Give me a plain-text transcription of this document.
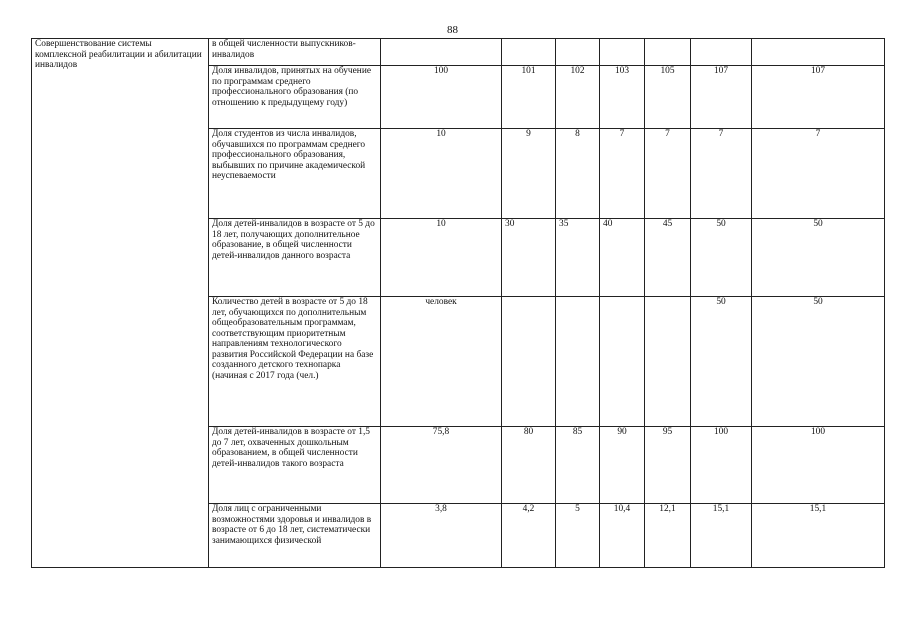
88
Совершенствование системы комплексной реабилитации и абилитации инвалидов	в общей численности выпускников-инвалидов							
	Доля инвалидов, принятых на обучение по программам среднего профессионального образования (по отношению к предыдущему году)	100	101	102	103	105	107	107
	Доля студентов из числа инвалидов, обучавшихся по программам среднего профессионального образования, выбывших по причине академической неуспеваемости	10	9	8	7	7	7	7
	Доля детей-инвалидов в возрасте от 5 до 18 лет, получающих дополнительное образование, в общей численности детей-инвалидов данного возраста	10	30	35	40	45	50	50
	Количество детей в возрасте от 5 до 18 лет, обучающихся по дополнительным общеобразовательным программам, соответствующим приоритетным направлениям технологического развития Российской Федерации на базе созданного детского технопарка (начиная с 2017 года (чел.)	человек					50	50
	Доля детей-инвалидов в возрасте от 1,5 до 7 лет, охваченных дошкольным образованием, в общей численности детей-инвалидов такого возраста	75,8	80	85	90	95	100	100
	Доля лиц с ограниченными возможностями здоровья и инвалидов в возрасте от 6 до 18 лет, систематически занимающихся физической	3,8	4,2	5	10,4	12,1	15,1	15,1
